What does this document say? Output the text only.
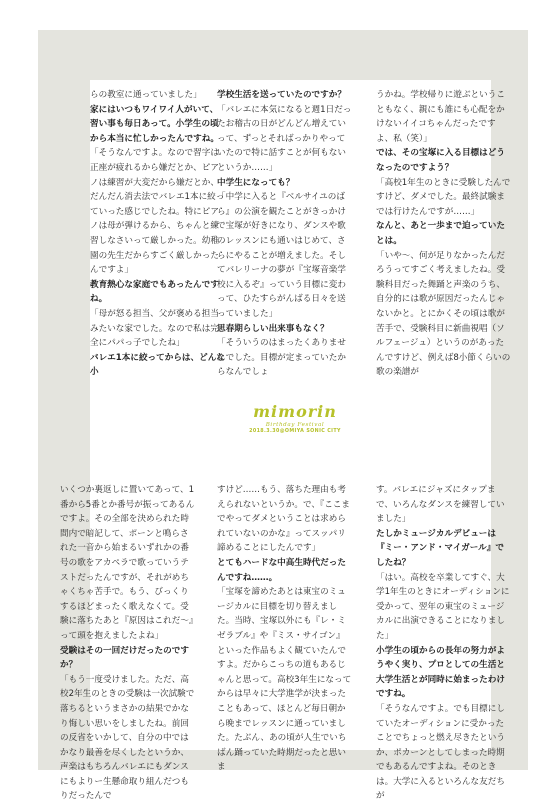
らの教室に通っていました」

家にはいつもワイワイ人がいて、習い事も毎日あって。小学生の頃から本当に忙しかったんですね。

「そうなんですよ。なので習字は正座が疲れるから嫌だとか、ピアノは練習が大変だから嫌だとか、だんだん消去法でバレエ1本に絞っていった感じでしたね。特にピアノは母が弾けるから、ちゃんと練習しなさいって厳しかった。幼稚園の先生だからすごく厳しかったんですよ」

教育熱心な家庭でもあったんですね。

「母が怒る担当、父が褒める担当みたいな家でした。なので私は完全にパパっ子でしたね」

バレエ1本に絞ってからは、どんな小

学校生活を送っていたのですか？

「バレエに本気になると週1日だったお稽古の日がどんどん増えていって、ずっとそればっかりやっていたので特に話すことが何もないというか……」

中学生になっても？

「中学に入ると『ベルサイユのばら』の公演を観たことがきっかけで宝塚が好きになり、ダンスや歌のレッスンにも通いはじめて、さらにやることが増えました。そしてバレリーナの夢が『宝塚音楽学校に入るぞ』っていう目標に変わって、ひたすらがんばる日々を送っていました」

思春期らしい出来事もなく？

「そういうのはまったくありませんでした。目標が定まっていたからなんでしょ

うかね。学校帰りに遊ぶということもなく、親にも誰にも心配をかけないイイコちゃんだったですよ、私（笑）」

では、その宝塚に入る目標はどうなったのですよう？

「高校1年生のときに受験したんですけど、ダメでした。最終試験までは行けたんですが……」

なんと、あと一歩まで迫っていたとは。

「いや～、何が足りなかったんだろうってすごく考えましたね。受験科目だった舞踊と声楽のうち、自分的には歌が原因だったんじゃないかと。とにかくその頃は歌が苦手で、受験科目に新曲視唱（ソルフェージュ）というのがあったんですけど、例えば8小節くらいの歌の楽譜が

mimorin
Birthday Festival
2018.3.30@OMIYA SONIC CITY

いくつか裏返しに置いてあって、1番から5番とか番号が振ってあるんですよ。その全部を決められた時間内で暗記して、ポーンと鳴らされた一音から始まるいずれかの番号の歌をアカペラで歌っていうテストだったんですが、それがめちゃくちゃ苦手で。もう、びっくりするほどまったく歌えなくて。受験に落ちたあと『原因はこれだ～』って頭を抱えましたよね」

受験はその一回だけだったのですか？

「もう一度受けました。ただ、高校2年生のときの受験は一次試験で落ちるというまさかの結果でかなり悔しい思いをしましたね。前回の反省をいかして、自分の中ではかなり最善を尽くしたというか、声楽はもちろんバレエにもダンスにもよりー生懸命取り組んだつもりだったんで

すけど……もう、落ちた理由も考えられないというか。で、『ここまでやってダメということは求められていないのかな』ってスッパリ諦めることにしたんです」

とてもハードな中高生時代だったんですね……。

「宝塚を諦めたあとは東宝のミュージカルに目標を切り替えました。当時、宝塚以外にも『レ・ミゼラブル』や『ミス・サイゴン』といった作品もよく観ていたんですよ。だからこっちの道もあるじゃんと思って。高校3年生になってからは早々に大学進学が決まったこともあって、ほとんど毎日朝から晩までレッスンに通っていました。たぶん、あの頃が人生でいちばん踊っていた時期だったと思いま

す。バレエにジャズにタップまで、いろんなダンスを練習していました」

たしかミュージカルデビューは『ミー・アンド・マイガール』でしたね？

「はい。高校を卒業してすぐ、大学1年生のときにオーディションに受かって、翌年の東宝のミュージカルに出演できることになりました」

小学生の頃からの長年の努力がようやく実り、プロとしての生活と大学生活とが同時に始まったわけですね。

「そうなんですよ。でも目標にしていたオーディションに受かったことでちょっと燃え尽きたというか、ポカーンとしてしまった時期でもあるんですよね。そのときは。大学に入るといろんな友だちが
